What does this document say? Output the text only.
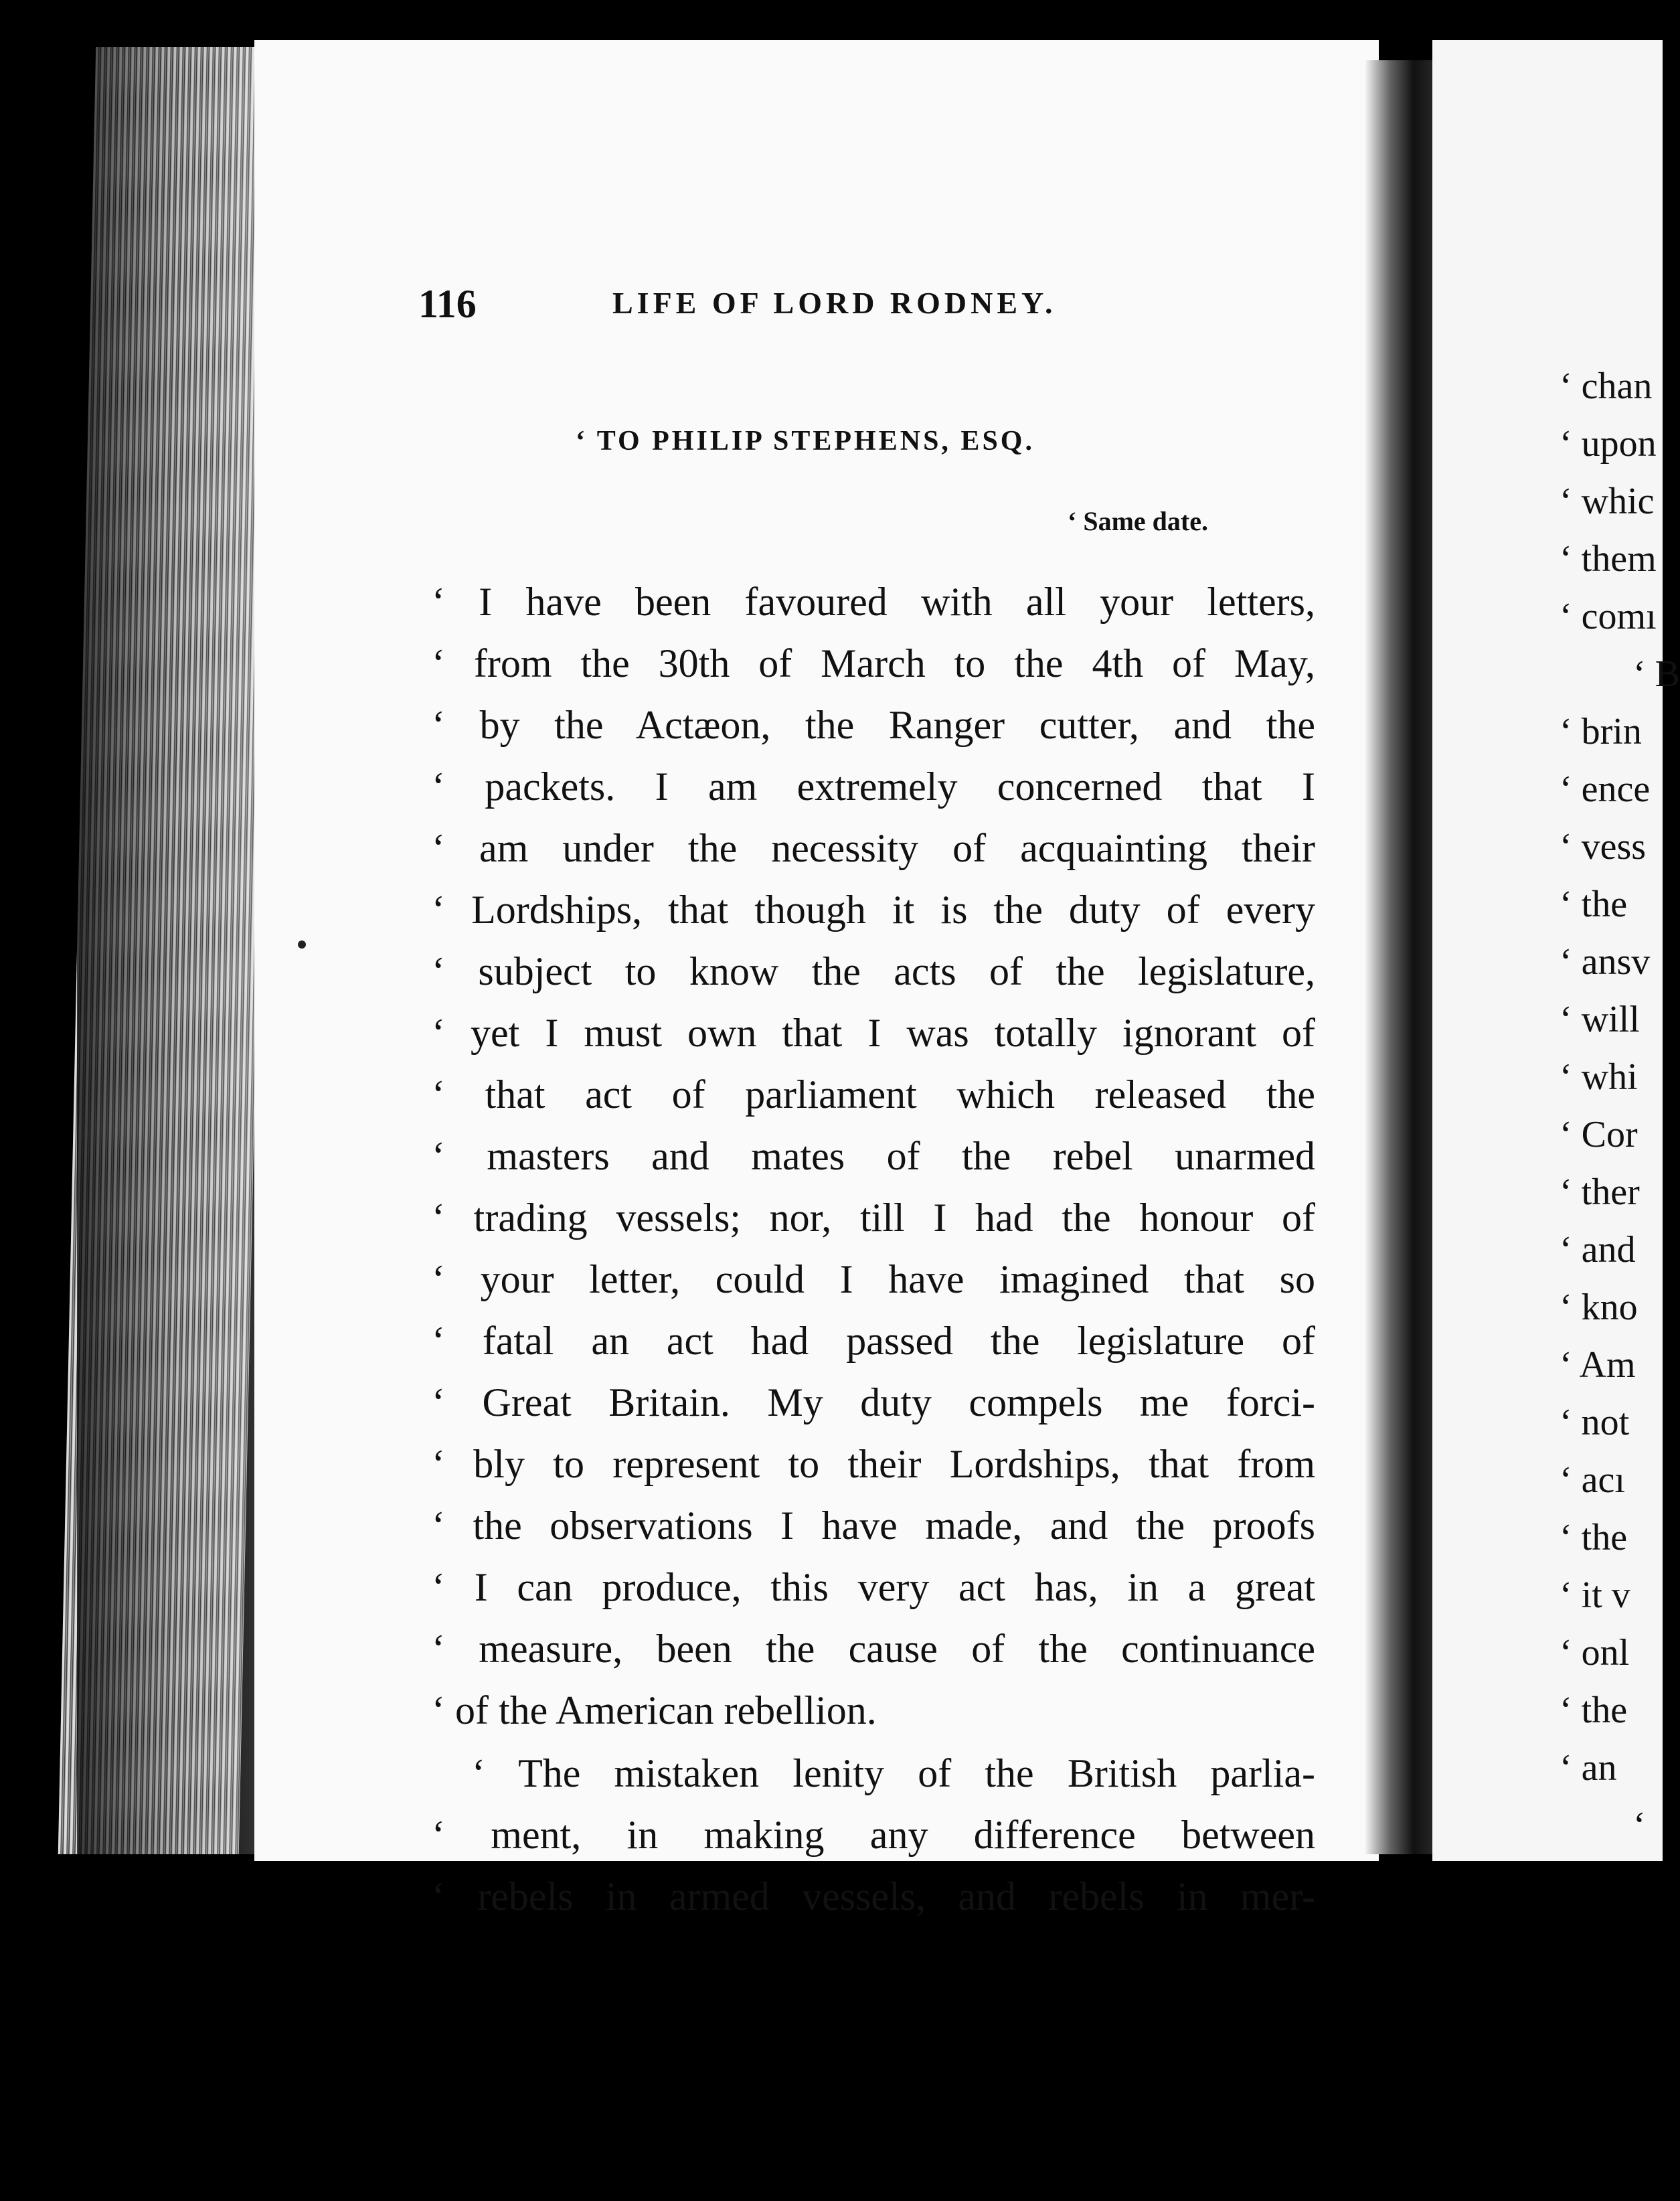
‘ chan
‘ upon
‘ whic
‘ them
‘ comı
‘ B
‘ brin
‘ ence
‘ vess
‘ the
‘ ansv
‘ will
‘ whi
‘ Cor
‘ ther
‘ and
‘ kno
‘ Am
‘ not
‘ acı
‘ the
‘ it v
‘ onl
‘ the
‘ an
‘
116	LIFE OF LORD RODNEY.
‘ TO PHILIP STEPHENS, ESQ.
‘ Same date.
‘ I have been favoured with all your letters,
‘ from the 30th of March to the 4th of May,
‘ by the Actæon, the Ranger cutter, and the
‘ packets. I am extremely concerned that I
‘ am under the necessity of acquainting their
‘ Lordships, that though it is the duty of every
‘ subject to know the acts of the legislature,
‘ yet I must own that I was totally ignorant of
‘ that act of parliament which released the
‘ masters and mates of the rebel unarmed
‘ trading vessels; nor, till I had the honour of
‘ your letter, could I have imagined that so
‘ fatal an act had passed the legislature of
‘ Great Britain. My duty compels me forci-
‘ bly to represent to their Lordships, that from
‘ the observations I have made, and the proofs
‘ I can produce, this very act has, in a great
‘ measure, been the cause of the continuance
‘ of the American rebellion.
‘ The mistaken lenity of the British parlia-
‘ ment, in making any difference between
‘ rebels in armed vessels, and rebels in mer-
